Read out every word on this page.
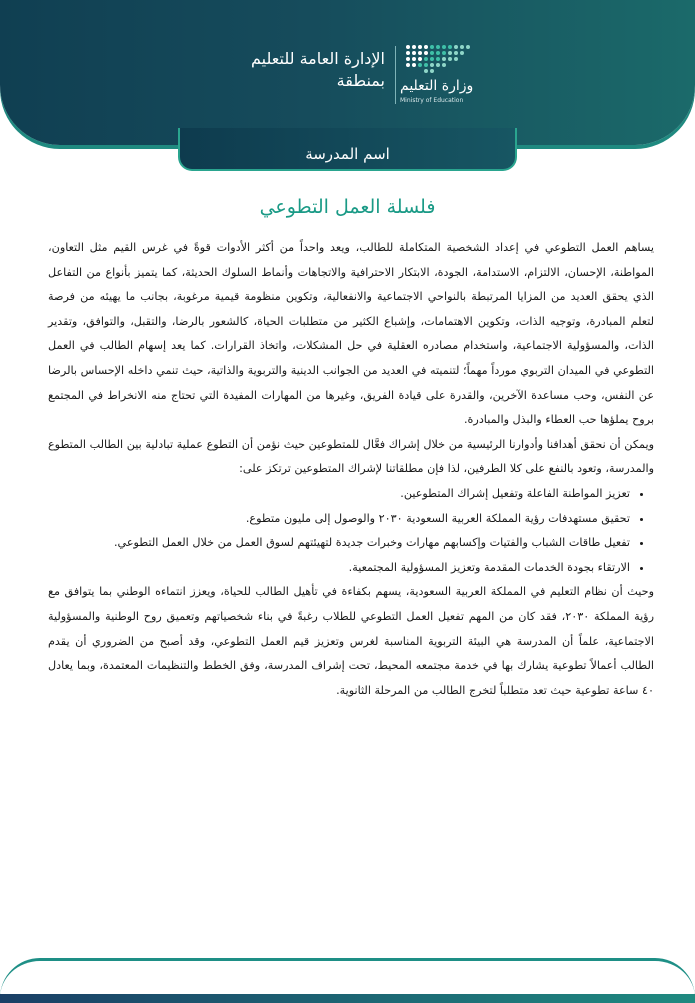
وزارة التعليم
Ministry of Education
الإدارة العامة للتعليم
بمنطقة
اسم المدرسة
فلسلة العمل التطوعي

يساهم العمل التطوعي في إعداد الشخصية المتكاملة للطالب، ويعد واحداً من أكثر الأدوات قوةً في غرس القيم مثل التعاون، المواطنة، الإحسان، الالتزام، الاستدامة، الجودة، الابتكار الاحترافية والاتجاهات وأنماط السلوك الحديثة، كما يتميز بأنواع من التفاعل الذي يحقق العديد من المزايا المرتبطة بالنواحي الاجتماعية والانفعالية، وتكوين منظومة قيمية مرغوبة، بجانب ما يهيئه من فرصة لتعلم المبادرة، وتوجيه الذات، وتكوين الاهتمامات، وإشباع الكثير من متطلبات الحياة، كالشعور بالرضا، والتقبل، والتوافق، وتقدير الذات، والمسؤولية الاجتماعية، واستخدام مصادره العقلية في حل المشكلات، واتخاذ القرارات. كما يعد إسهام الطالب في العمل التطوعي في الميدان التربوي مورداً مهماً؛ لتنميته في العديد من الجوانب الدينية والتربوية والذاتية، حيث تنمي داخله الإحساس بالرضا عن النفس، وحب مساعدة الآخرين، والقدرة على قيادة الفريق، وغيرها من المهارات المفيدة التي تحتاج منه الانخراط في المجتمع بروح يملؤها حب العطاء والبذل والمبادرة.

ويمكن أن نحقق أهدافنا وأدوارنا الرئيسية من خلال إشراك فعَّال للمتطوعين حيث نؤمن أن التطوع عملية تبادلية بين الطالب المتطوع والمدرسة، وتعود بالنفع على كلا الطرفين، لذا فإن مطلقاتنا لإشراك المتطوعين ترتكز على:

• تعزيز المواطنة الفاعلة وتفعيل إشراك المتطوعين.
• تحقيق مستهدفات رؤية المملكة العربية السعودية ٢٠٣٠ والوصول إلى مليون متطوع.
• تفعيل طاقات الشباب والفتيات وإكسابهم مهارات وخبرات جديدة لتهيئتهم لسوق العمل من خلال العمل التطوعي.
• الارتقاء بجودة الخدمات المقدمة وتعزيز المسؤولية المجتمعية.

وحيث أن نظام التعليم في المملكة العربية السعودية، يسهم بكفاءة في تأهيل الطالب للحياة، ويعزز انتماءه الوطني بما يتوافق مع رؤية المملكة ٢٠٣٠، فقد كان من المهم تفعيل العمل التطوعي للطلاب رغبةً في بناء شخصياتهم وتعميق روح الوطنية والمسؤولية الاجتماعية، علماً أن المدرسة هي البيئة التربوية المناسبة لغرس وتعزيز قيم العمل التطوعي، وقد أصبح من الضروري أن يقدم الطالب أعمالاً تطوعية يشارك بها في خدمة مجتمعه المحيط، تحت إشراف المدرسة، وفق الخطط والتنظيمات المعتمدة، وبما يعادل ٤٠ ساعة تطوعية حيث تعد متطلباً لتخرج الطالب من المرحلة الثانوية.
